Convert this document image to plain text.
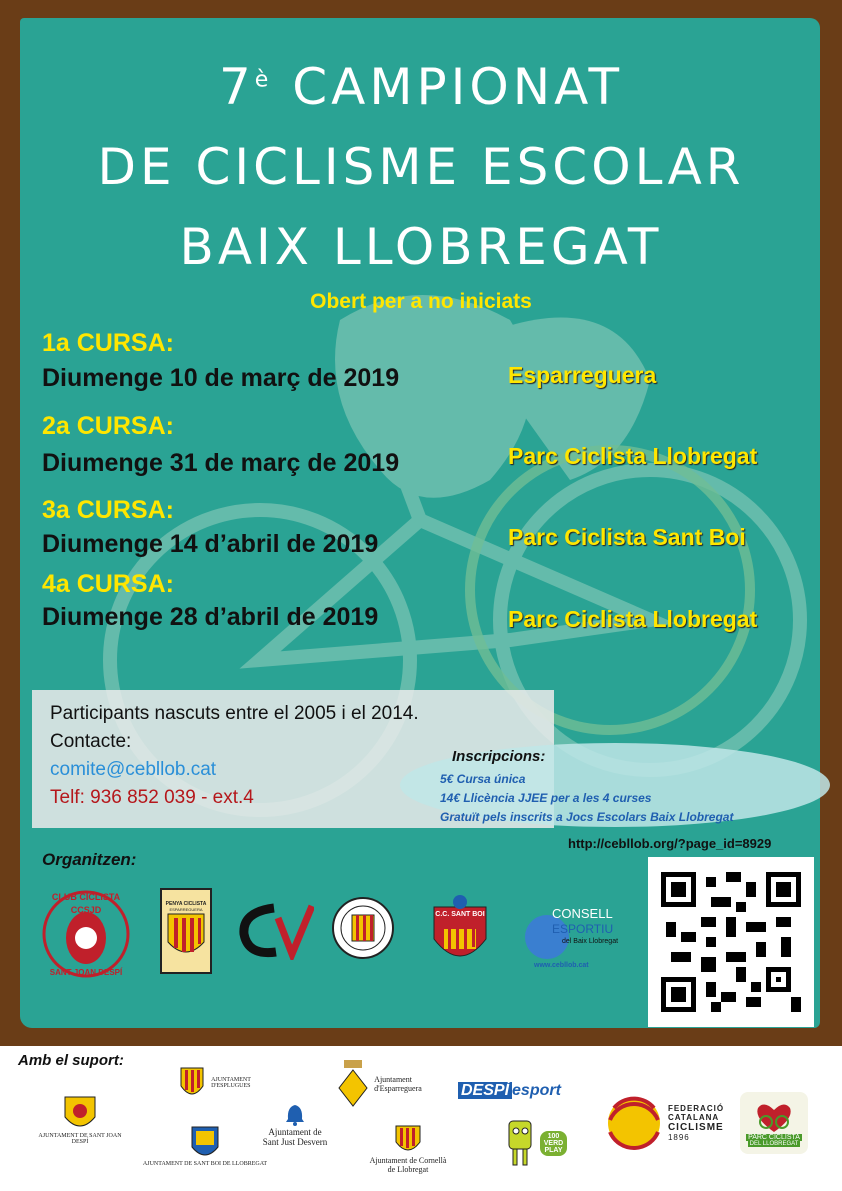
$7^è$ CAMPIONAT
DE CICLISME ESCOLAR
BAIX LLOBREGAT
Obert per a no iniciats
1a CURSA:
Diumenge 10 de març de 2019	Esparreguera
2a CURSA:
Diumenge 31 de març de 2019	Parc Ciclista Llobregat
3a CURSA:
Diumenge 14 d’abril de 2019	Parc Ciclista Sant Boi
4a CURSA:
Diumenge 28 d’abril de 2019	Parc Ciclista Llobregat
Participants nascuts entre el 2005 i el 2014.
Contacte:
comite@cebllob.cat
Telf: 936 852 039 - ext.4
Inscripcions:
5€ Cursa única
14€ Llicència JJEE per a les 4 curses
Gratuït pels inscrits a Jocs Escolars Baix Llobregat
http://cebllob.org/?page_id=8929
Organitzen:
CLUB CICLISTA
CCSJD
SANT JOAN DESPÍ
PENYA CICLISTA
ESPARREGUERA
C.C. SANT BOI	CONSELL
ESPORTIU
del Baix Llobregat
www.cebllob.cat
Amb el suport:
AJUNTAMENT DE SANT JOAN DESPÍ
AJUNTAMENT
D'ESPLUGUES
AJUNTAMENT DE SANT BOI DE LLOBREGAT
Ajuntament de
Sant Just Desvern
Ajuntament
d'Esparreguera
Ajuntament de Cornellà
de Llobregat
DESPÍ esport
100
VERD
PLAY
FEDERACIÓ
CATALANA
CICLISME
1896	PARC CICLISTA
DEL LLOBREGAT
